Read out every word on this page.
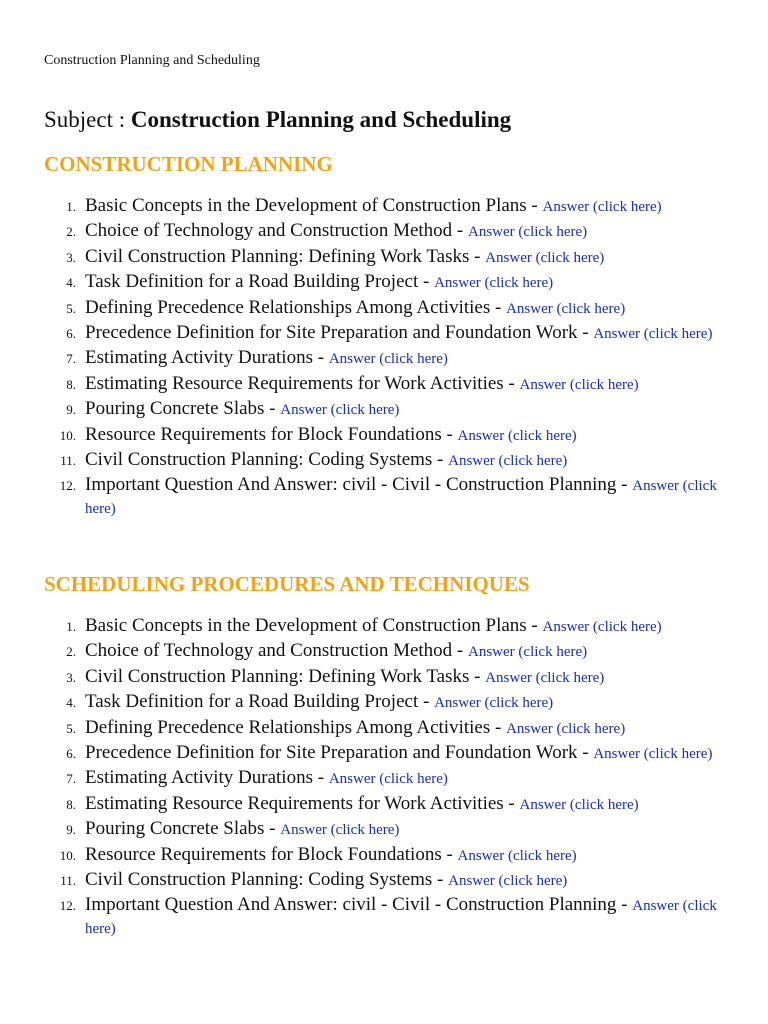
Construction Planning and Scheduling
Subject : Construction Planning and Scheduling
CONSTRUCTION PLANNING
1. Basic Concepts in the Development of Construction Plans - Answer (click here)
2. Choice of Technology and Construction Method - Answer (click here)
3. Civil Construction Planning: Defining Work Tasks - Answer (click here)
4. Task Definition for a Road Building Project - Answer (click here)
5. Defining Precedence Relationships Among Activities - Answer (click here)
6. Precedence Definition for Site Preparation and Foundation Work - Answer (click here)
7. Estimating Activity Durations - Answer (click here)
8. Estimating Resource Requirements for Work Activities - Answer (click here)
9. Pouring Concrete Slabs - Answer (click here)
10. Resource Requirements for Block Foundations - Answer (click here)
11. Civil Construction Planning: Coding Systems - Answer (click here)
12. Important Question And Answer: civil - Civil - Construction Planning - Answer (click here)
SCHEDULING PROCEDURES AND TECHNIQUES
1. Basic Concepts in the Development of Construction Plans - Answer (click here)
2. Choice of Technology and Construction Method - Answer (click here)
3. Civil Construction Planning: Defining Work Tasks - Answer (click here)
4. Task Definition for a Road Building Project - Answer (click here)
5. Defining Precedence Relationships Among Activities - Answer (click here)
6. Precedence Definition for Site Preparation and Foundation Work - Answer (click here)
7. Estimating Activity Durations - Answer (click here)
8. Estimating Resource Requirements for Work Activities - Answer (click here)
9. Pouring Concrete Slabs - Answer (click here)
10. Resource Requirements for Block Foundations - Answer (click here)
11. Civil Construction Planning: Coding Systems - Answer (click here)
12. Important Question And Answer: civil - Civil - Construction Planning - Answer (click here)
